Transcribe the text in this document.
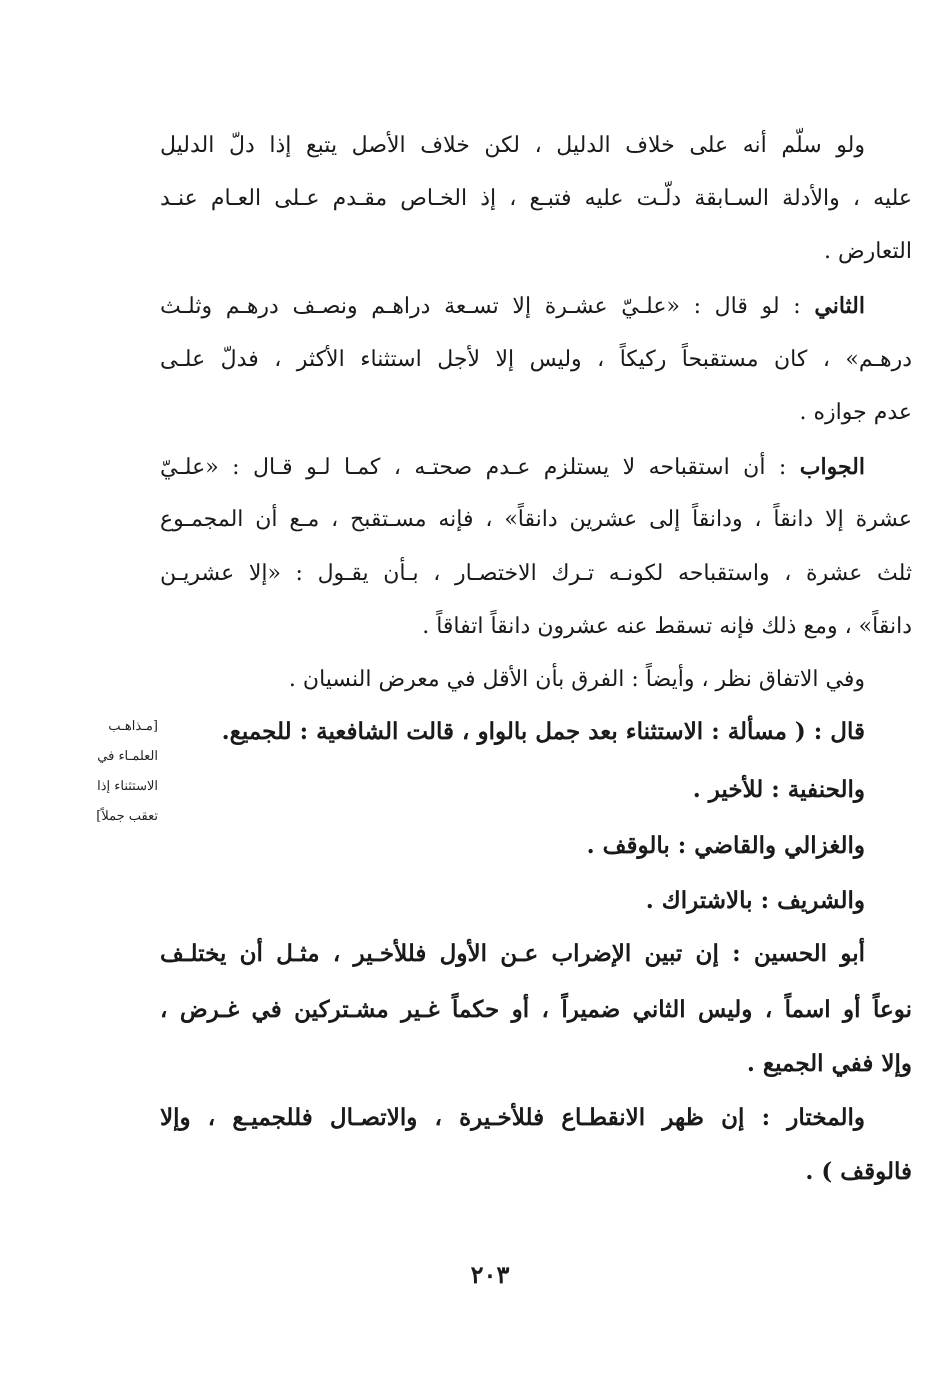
ولو سلّم أنه على خلاف الدليل ، لكن خلاف الأصل يتبع إذا دلّ الدليل
عليه ، والأدلة السـابقة دلّـت عليه فتبـع ، إذ الخـاص مقـدم عـلى العـام عنـد
التعارض .
الثاني : لو قال : «علـيّ عشـرة إلا تسـعة دراهـم ونصـف درهـم وثلـث
درهـم» ، كان مستقبحاً ركيكاً ، وليس إلا لأجل استثناء الأكثر ، فدلّ علـى
عدم جوازه .
الجواب : أن استقباحه لا يستلزم عـدم صحتـه ، كمـا لـو قـال : «علـيّ
عشرة إلا دانقاً ، ودانقاً إلى عشرين دانقاً» ، فإنه مسـتقبح ، مـع أن المجمـوع
ثلث عشرة ، واستقباحه لكونـه تـرك الاختصـار ، بـأن يقـول : «إلا عشريـن
دانقاً» ، ومع ذلك فإنه تسقط عنه عشرون دانقاً اتفاقاً .
وفي الاتفاق نظر ، وأيضاً : الفرق بأن الأقل في معرض النسيان .
قال : ( مسألة : الاستثناء بعد جمل بالواو ، قالت الشافعية : للجميع.
والحنفية : للأخير .
والغزالي والقاضي : بالوقف .
والشريف : بالاشتراك .
أبو الحسين : إن تبين الإضراب عـن الأول فللأخـير ، مثـل أن يختلـف
نوعاً أو اسماً ، وليس الثاني ضميراً ، أو حكماً غـير مشـتركين في غـرض ،
وإلا ففي الجميع .
والمختار : إن ظهر الانقطـاع فللأخـيرة ، والاتصـال فللجميـع ، وإلا
فالوقف ) .
[مـذاهـب
العلمـاء في
الاستثناء إذا
تعقب جملاً]
٢٠٣
